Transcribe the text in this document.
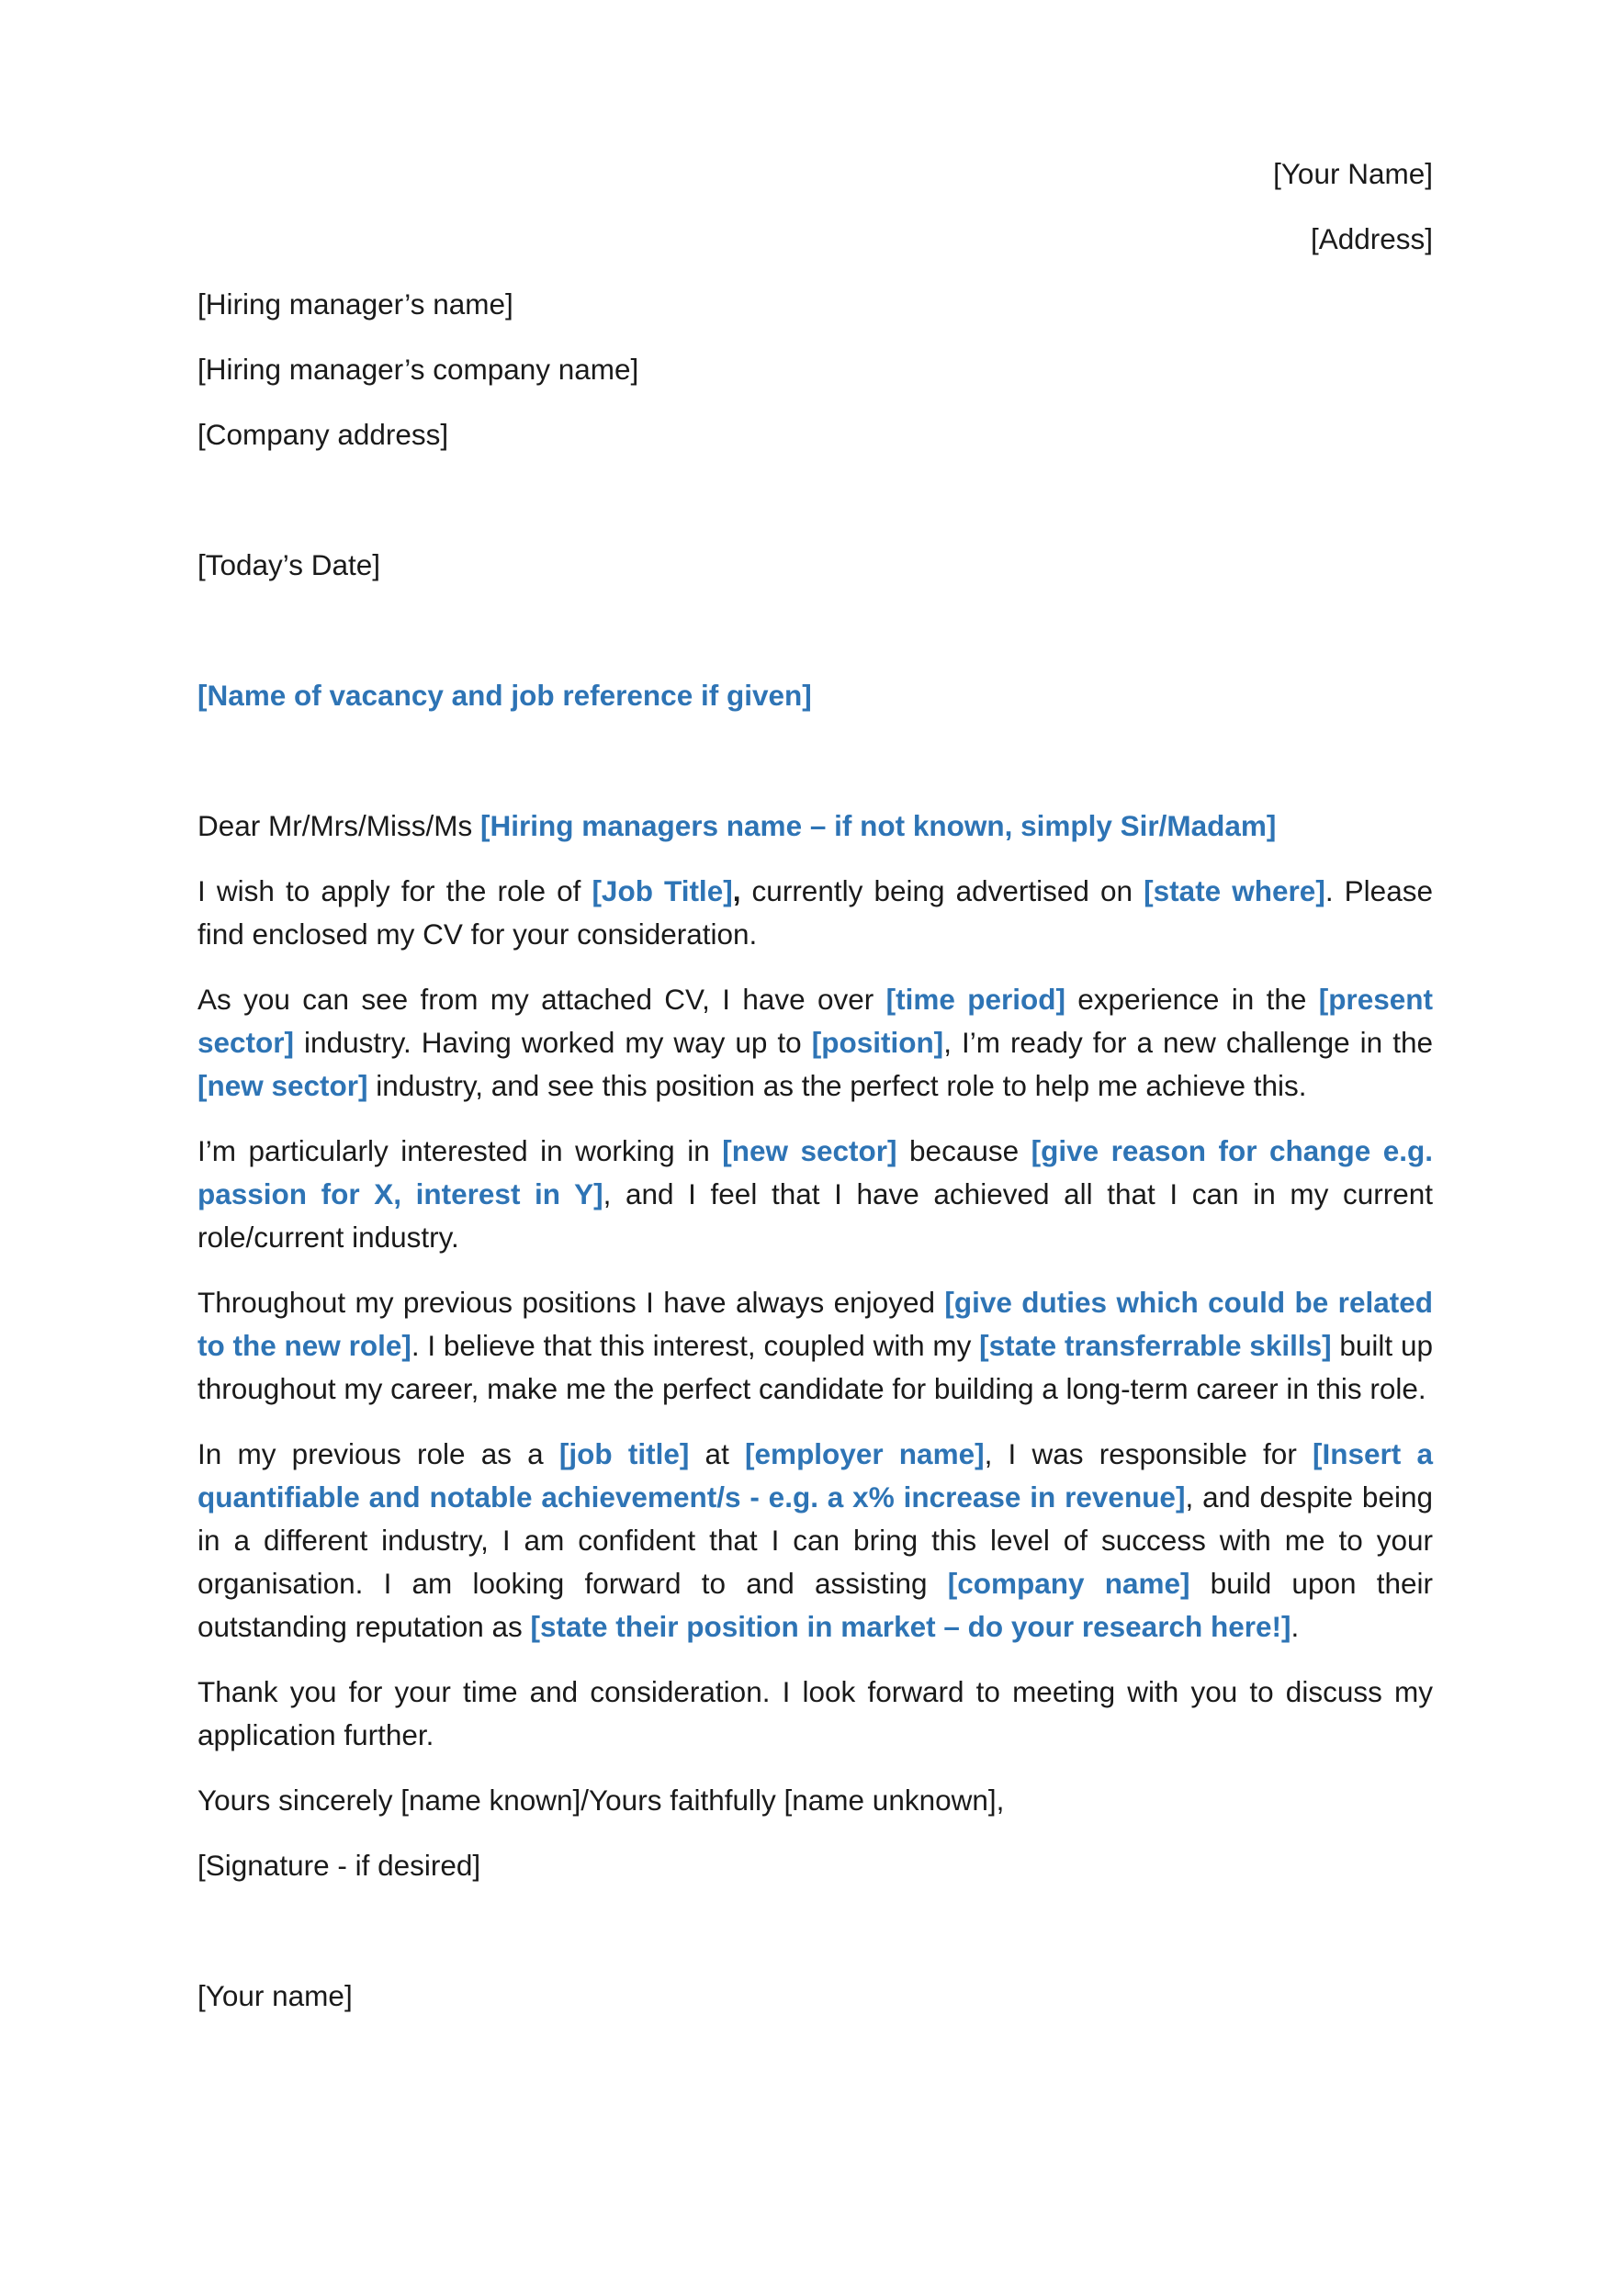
[Your Name]

[Address]

[Hiring manager’s name]

[Hiring manager’s company name]

[Company address]

[Today’s Date]

[Name of vacancy and job reference if given]

Dear Mr/Mrs/Miss/Ms [Hiring managers name – if not known, simply Sir/Madam]

I wish to apply for the role of [Job Title], currently being advertised on [state where]. Please find enclosed my CV for your consideration.

As you can see from my attached CV, I have over [time period] experience in the [present sector] industry. Having worked my way up to [position], I’m ready for a new challenge in the [new sector] industry, and see this position as the perfect role to help me achieve this.

I’m particularly interested in working in [new sector] because [give reason for change e.g. passion for X, interest in Y], and I feel that I have achieved all that I can in my current role/current industry.

Throughout my previous positions I have always enjoyed [give duties which could be related to the new role]. I believe that this interest, coupled with my [state transferrable skills] built up throughout my career, make me the perfect candidate for building a long-term career in this role.

In my previous role as a [job title] at [employer name], I was responsible for [Insert a quantifiable and notable achievement/s - e.g. a x% increase in revenue], and despite being in a different industry, I am confident that I can bring this level of success with me to your organisation. I am looking forward to and assisting [company name] build upon their outstanding reputation as [state their position in market – do your research here!].

Thank you for your time and consideration. I look forward to meeting with you to discuss my application further.

Yours sincerely [name known]/Yours faithfully [name unknown],

[Signature - if desired]

[Your name]
